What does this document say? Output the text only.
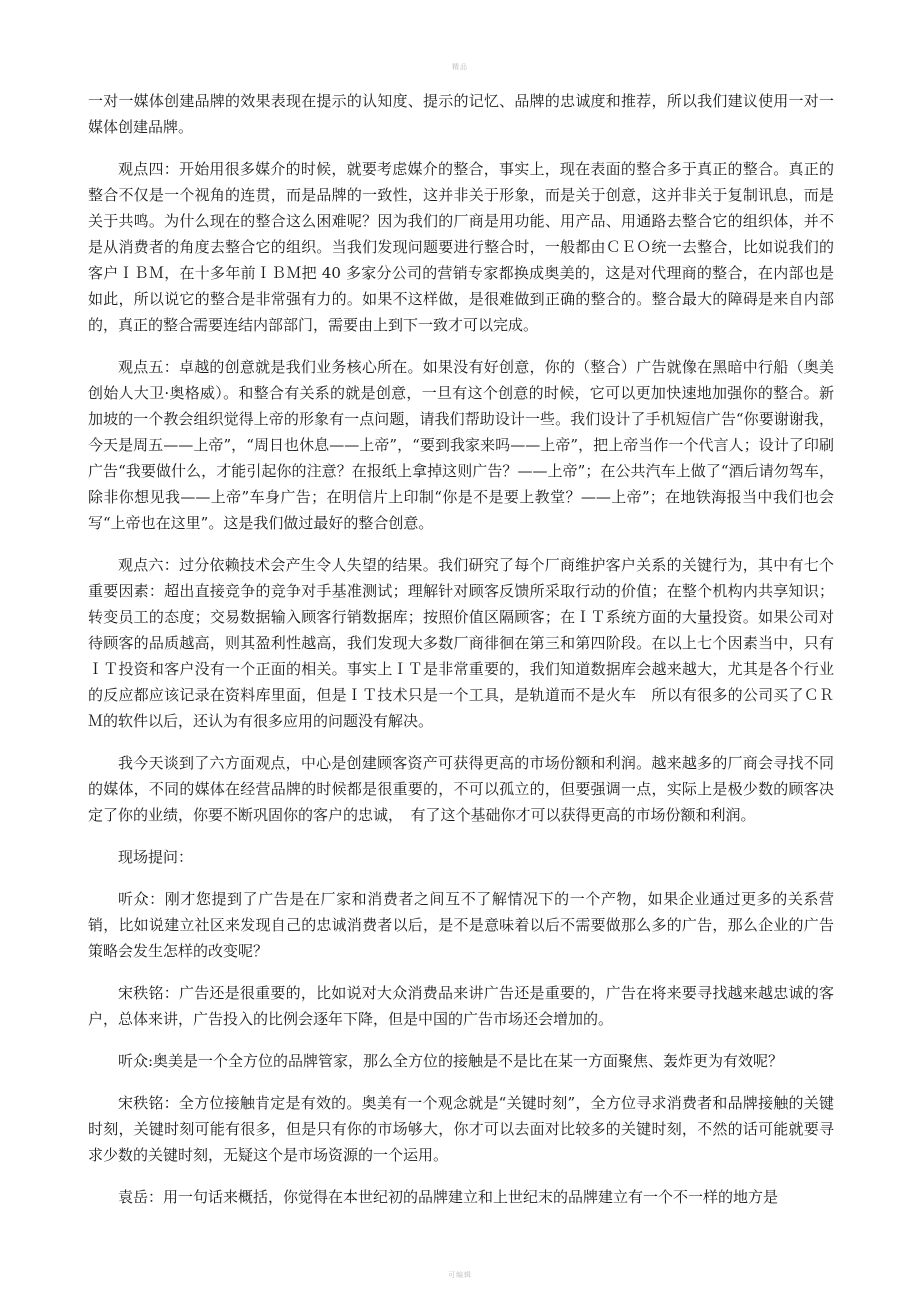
精品

一对一媒体创建品牌的效果表现在提示的认知度、提示的记忆、品牌的忠诚度和推荐，所以我们建议使用一对一媒体创建品牌。

观点四：开始用很多媒介的时候，就要考虑媒介的整合，事实上，现在表面的整合多于真正的整合。真正的整合不仅是一个视角的连贯，而是品牌的一致性，这并非关于形象，而是关于创意，这并非关于复制讯息，而是关于共鸣。为什么现在的整合这么困难呢？因为我们的厂商是用功能、用产品、用通路去整合它的组织体，并不是从消费者的角度去整合它的组织。当我们发现问题要进行整合时，一般都由ＣＥＯ统一去整合，比如说我们的客户ＩＢＭ，在十多年前ＩＢＭ把 40 多家分公司的营销专家都换成奥美的，这是对代理商的整合，在内部也是如此，所以说它的整合是非常强有力的。如果不这样做，是很难做到正确的整合的。整合最大的障碍是来自内部的，真正的整合需要连结内部部门，需要由上到下一致才可以完成。

观点五：卓越的创意就是我们业务核心所在。如果没有好创意，你的（整合）广告就像在黑暗中行船（奥美创始人大卫·奥格威）。和整合有关系的就是创意，一旦有这个创意的时候，它可以更加快速地加强你的整合。新加坡的一个教会组织觉得上帝的形象有一点问题，请我们帮助设计一些。我们设计了手机短信广告“你要谢谢我，今天是周五——上帝”，“周日也休息——上帝”，“要到我家来吗——上帝”，把上帝当作一个代言人；设计了印刷广告“我要做什么，才能引起你的注意？在报纸上拿掉这则广告？——上帝”；在公共汽车上做了“酒后请勿驾车，除非你想见我——上帝”车身广告；在明信片上印制“你是不是要上教堂？——上帝”；在地铁海报当中我们也会写“上帝也在这里”。这是我们做过最好的整合创意。

观点六：过分依赖技术会产生令人失望的结果。我们研究了每个厂商维护客户关系的关键行为，其中有七个重要因素：超出直接竞争的竞争对手基准测试；理解针对顾客反馈所采取行动的价值；在整个机构内共享知识；转变员工的态度；交易数据输入顾客行销数据库；按照价值区隔顾客；在ＩＴ系统方面的大量投资。如果公司对待顾客的品质越高，则其盈利性越高，我们发现大多数厂商徘徊在第三和第四阶段。在以上七个因素当中，只有ＩＴ投资和客户没有一个正面的相关。事实上ＩＴ是非常重要的，我们知道数据库会越来越大，尤其是各个行业的反应都应该记录在资料库里面，但是ＩＴ技术只是一个工具，是轨道而不是火车　所以有很多的公司买了ＣＲＭ的软件以后，还认为有很多应用的问题没有解决。

我今天谈到了六方面观点，中心是创建顾客资产可获得更高的市场份额和利润。越来越多的厂商会寻找不同的媒体，不同的媒体在经营品牌的时候都是很重要的，不可以孤立的，但要强调一点，实际上是极少数的顾客决定了你的业绩，你要不断巩固你的客户的忠诚，　有了这个基础你才可以获得更高的市场份额和利润。

现场提问：

听众：刚才您提到了广告是在厂家和消费者之间互不了解情况下的一个产物，如果企业通过更多的关系营销，比如说建立社区来发现自己的忠诚消费者以后，是不是意味着以后不需要做那么多的广告，那么企业的广告策略会发生怎样的改变呢？

宋秩铭：广告还是很重要的，比如说对大众消费品来讲广告还是重要的，广告在将来要寻找越来越忠诚的客户，总体来讲，广告投入的比例会逐年下降，但是中国的广告市场还会增加的。

听众:奥美是一个全方位的品牌管家，那么全方位的接触是不是比在某一方面聚焦、轰炸更为有效呢？

宋秩铭：全方位接触肯定是有效的。奥美有一个观念就是“关键时刻”，全方位寻求消费者和品牌接触的关键时刻，关键时刻可能有很多，但是只有你的市场够大，你才可以去面对比较多的关键时刻，不然的话可能就要寻求少数的关键时刻，无疑这个是市场资源的一个运用。

袁岳：用一句话来概括，你觉得在本世纪初的品牌建立和上世纪末的品牌建立有一个不一样的地方是

可编辑
